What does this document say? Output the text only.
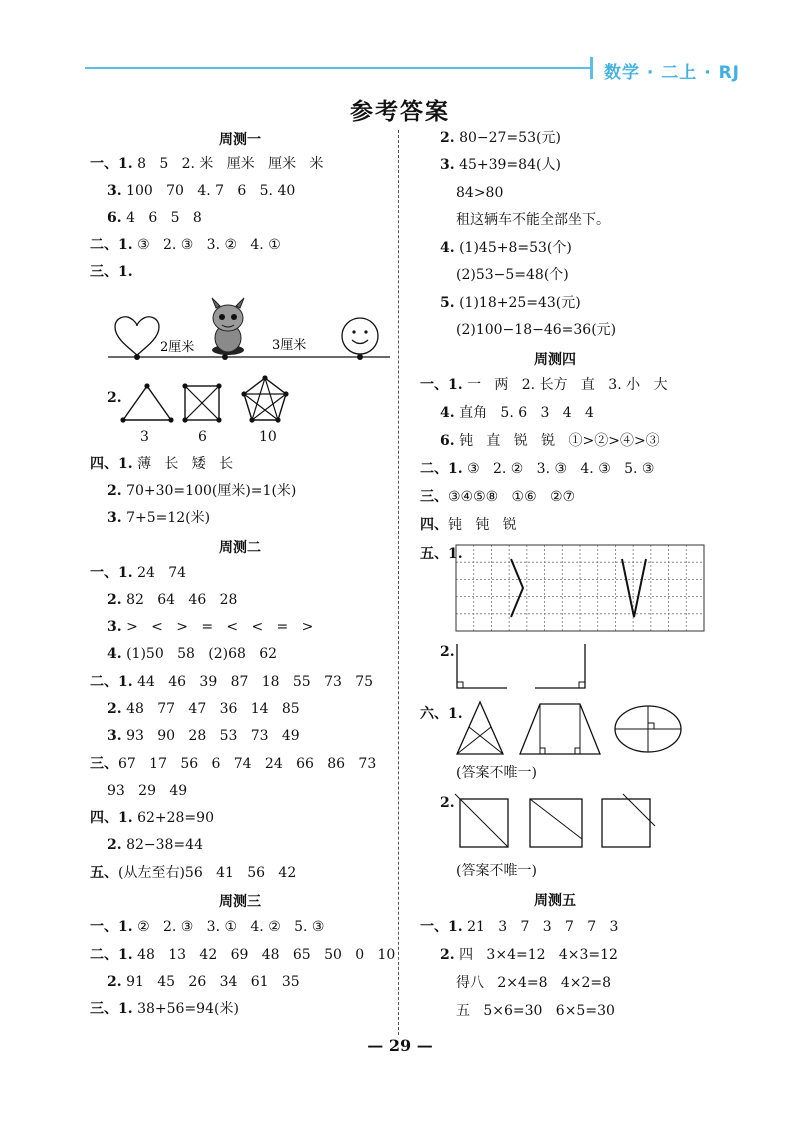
数学 · 二上 · RJ
参考答案
周测一
一、1. 8   5   2. 米   厘米   厘米   米
3. 100   70   4. 7   6   5. 40
6. 4   6   5   8
二、1. ③   2. ③   3. ②   4. ①
三、1.
2厘米	3厘米
2.
3	6	10
四、1. 薄   长   矮   长
2. 70+30=100(厘米)=1(米)
3. 7+5=12(米)
周测二
一、1. 24   74
2. 82   64   46   28
3. >   <   >   =   <   <   =   >
4. (1)50   58   (2)68   62
二、1. 44   46   39   87   18   55   73   75
2. 48   77   47   36   14   85
3. 93   90   28   53   73   49
三、67   17   56   6   74   24   66   86   73
93   29   49
四、1. 62+28=90
2. 82−38=44
五、(从左至右)56   41   56   42
周测三
一、1. ②   2. ③   3. ①   4. ②   5. ③
二、1. 48   13   42   69   48   65   50   0   10
2. 91   45   26   34   61   35
三、1. 38+56=94(米)
2. 80−27=53(元)
3. 45+39=84(人)
84>80
租这辆车不能全部坐下。
4. (1)45+8=53(个)
(2)53−5=48(个)
5. (1)18+25=43(元)
(2)100−18−46=36(元)
周测四
一、1. 一   两   2. 长方   直   3. 小   大
4. 直角   5. 6   3   4   4
6. 钝   直   锐   锐   ①>②>④>③
二、1. ③   2. ②   3. ③   4. ③   5. ③
三、③④⑤⑧   ①⑥   ②⑦
四、钝   钝   锐
五、1.
2.
六、1.
(答案不唯一)
2.
(答案不唯一)
周测五
一、1. 21   3   7   3   7   7   3
2. 四   3×4=12   4×3=12
得八   2×4=8   4×2=8
五   5×6=30   6×5=30
— 29 —
